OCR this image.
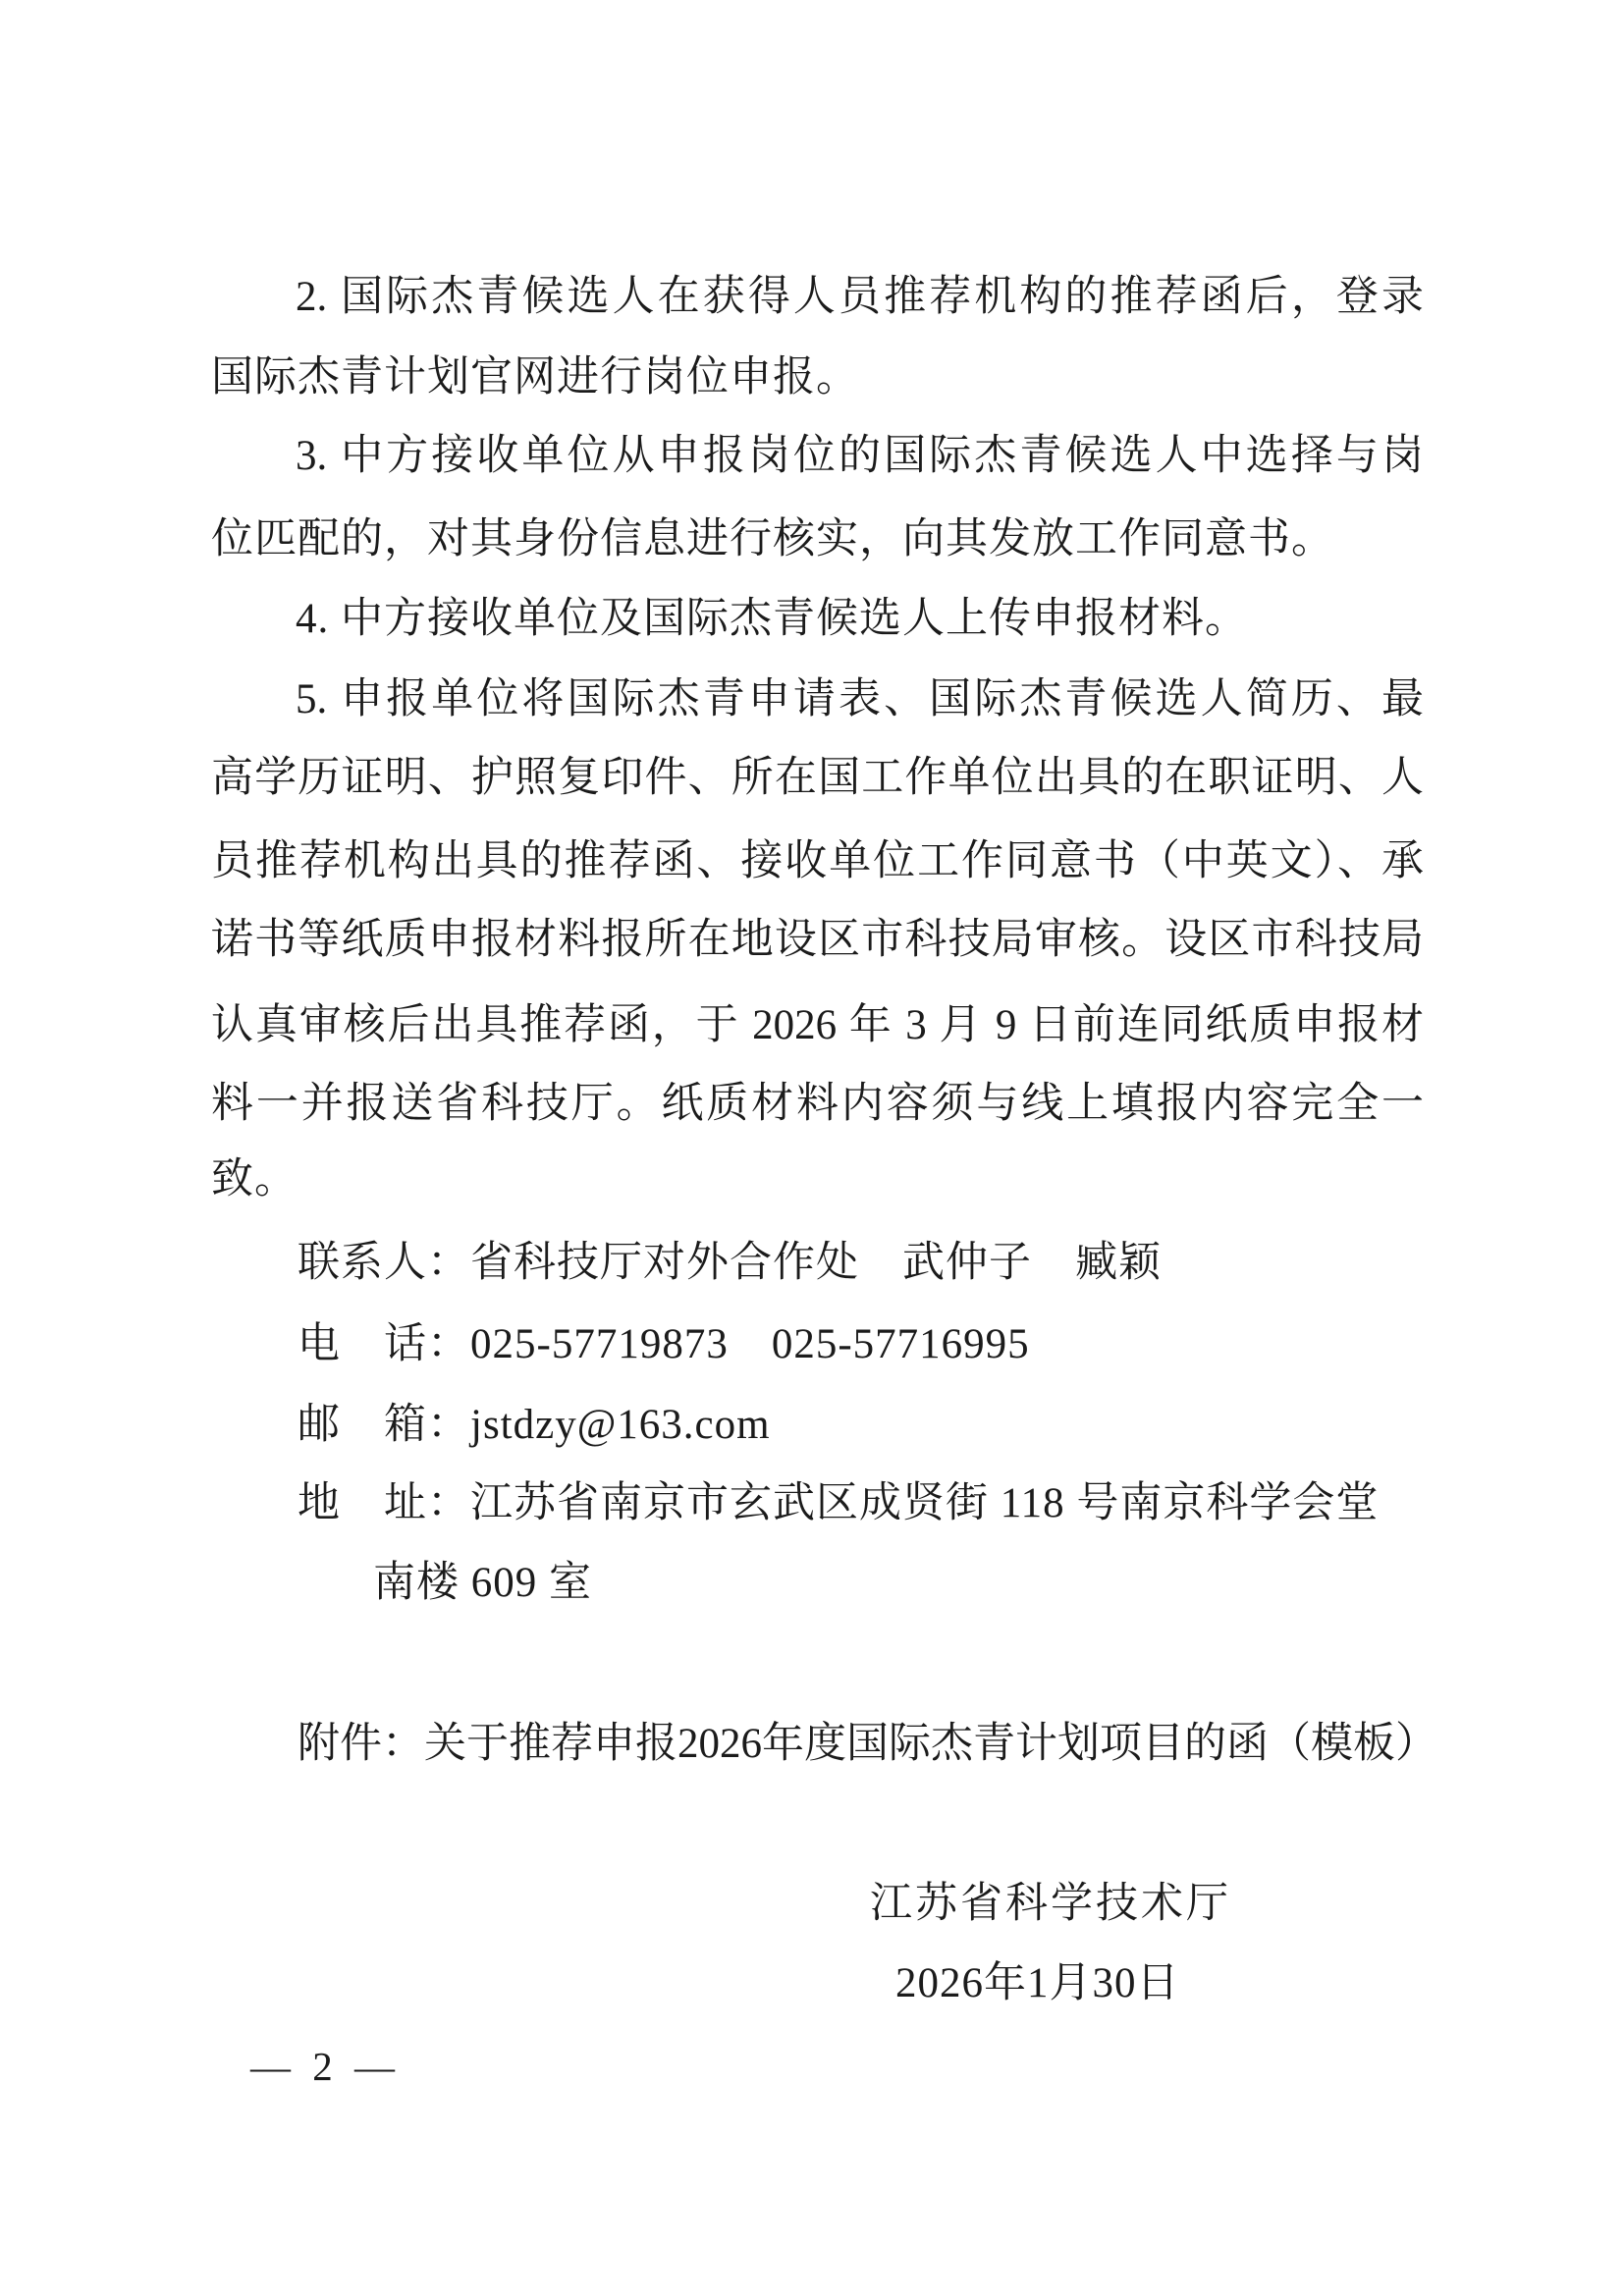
2. 国际杰青候选人在获得人员推荐机构的推荐函后，登录
国际杰青计划官网进行岗位申报。
3. 中方接收单位从申报岗位的国际杰青候选人中选择与岗
位匹配的，对其身份信息进行核实，向其发放工作同意书。
4. 中方接收单位及国际杰青候选人上传申报材料。
5. 申报单位将国际杰青申请表、国际杰青候选人简历、最
高学历证明、护照复印件、所在国工作单位出具的在职证明、人
员推荐机构出具的推荐函、接收单位工作同意书（中英文）、承
诺书等纸质申报材料报所在地设区市科技局审核。设区市科技局
认真审核后出具推荐函，于 2026 年 3 月 9 日前连同纸质申报材
料一并报送省科技厅。纸质材料内容须与线上填报内容完全一
致。
联系人：省科技厅对外合作处　武仲子　臧颖
电　话：025-57719873　025-57716995
邮　箱：jstdzy@163.com
地　址：江苏省南京市玄武区成贤街 118 号南京科学会堂
南楼 609 室
附件：关于推荐申报2026年度国际杰青计划项目的函（模板）
江苏省科学技术厅
2026年1月30日
— 2 —
